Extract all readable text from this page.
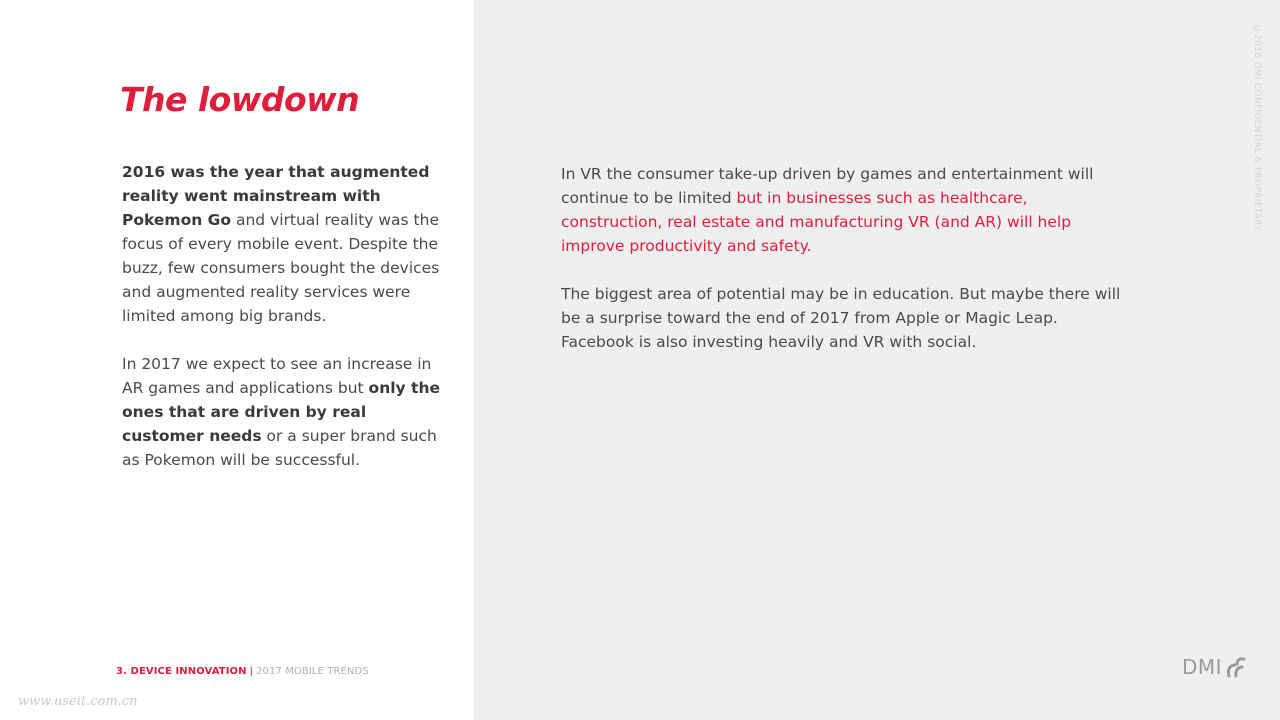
The lowdown

2016 was the year that augmented reality went mainstream with Pokemon Go and virtual reality was the focus of every mobile event. Despite the buzz, few consumers bought the devices and augmented reality services were limited among big brands.

In 2017 we expect to see an increase in AR games and applications but only the ones that are driven by real customer needs or a super brand such as Pokemon will be successful.

In VR the consumer take-up driven by games and entertainment will continue to be limited but in businesses such as healthcare, construction, real estate and manufacturing VR (and AR) will help improve productivity and safety.

The biggest area of potential may be in education. But maybe there will be a surprise toward the end of 2017 from Apple or Magic Leap. Facebook is also investing heavily and VR with social.

3. DEVICE INNOVATION | 2017 MOBILE TRENDS
www.useit.com.cn
©2016 DMI CONFIDENTIAL & PROPRIETARY
DMI
